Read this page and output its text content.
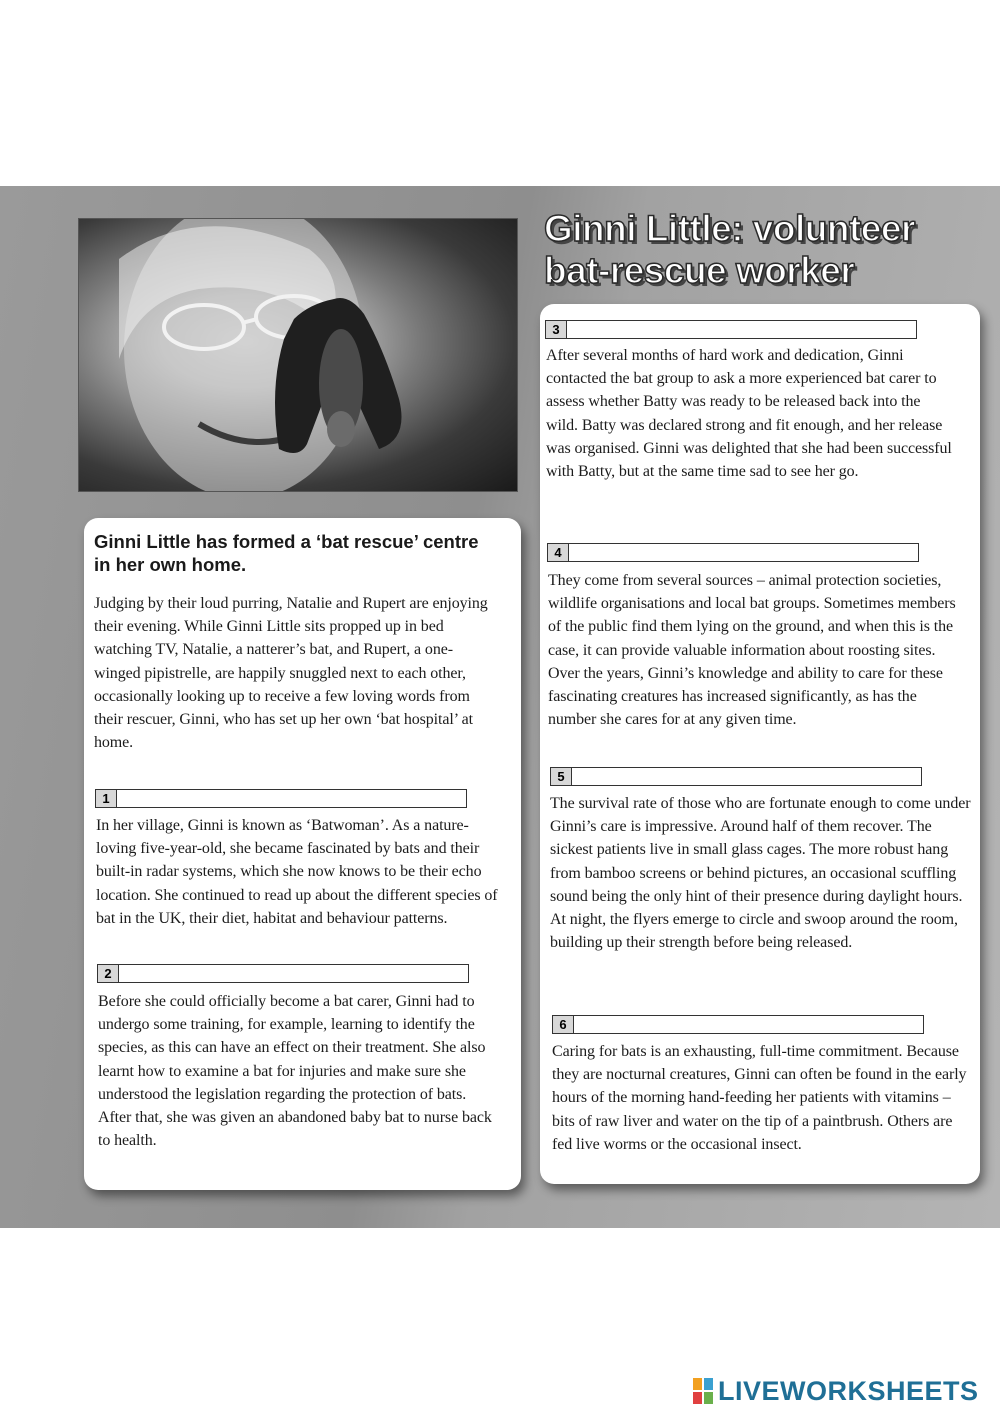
Ginni Little: volunteer bat-rescue worker
Ginni Little has formed a ‘bat rescue’ centre in her own home.

Judging by their loud purring, Natalie and Rupert are enjoying their evening. While Ginni Little sits propped up in bed watching TV, Natalie, a natterer’s bat, and Rupert, a one-winged pipistrelle, are happily snuggled next to each other, occasionally looking up to receive a few loving words from their rescuer, Ginni, who has set up her own ‘bat hospital’ at home.

1

In her village, Ginni is known as ‘Batwoman’. As a nature-loving five-year-old, she became fascinated by bats and their built-in radar systems, which she now knows to be their echo location. She continued to read up about the different species of bat in the UK, their diet, habitat and behaviour patterns.

2

Before she could officially become a bat carer, Ginni had to undergo some training, for example, learning to identify the species, as this can have an effect on their treatment. She also learnt how to examine a bat for injuries and make sure she understood the legislation regarding the protection of bats. After that, she was given an abandoned baby bat to nurse back to health.

3

After several months of hard work and dedication, Ginni contacted the bat group to ask a more experienced bat carer to assess whether Batty was ready to be released back into the wild. Batty was declared strong and fit enough, and her release was organised. Ginni was delighted that she had been successful with Batty, but at the same time sad to see her go.

4

They come from several sources – animal protection societies, wildlife organisations and local bat groups. Sometimes members of the public find them lying on the ground, and when this is the case, it can provide valuable information about roosting sites. Over the years, Ginni’s knowledge and ability to care for these fascinating creatures has increased significantly, as has the number she cares for at any given time.

5

The survival rate of those who are fortunate enough to come under Ginni’s care is impressive. Around half of them recover. The sickest patients live in small glass cages. The more robust hang from bamboo screens or behind pictures, an occasional scuffling sound being the only hint of their presence during daylight hours. At night, the flyers emerge to circle and swoop around the room, building up their strength before being released.

6

Caring for bats is an exhausting, full-time commitment. Because they are nocturnal creatures, Ginni can often be found in the early hours of the morning hand-feeding her patients with vitamins – bits of raw liver and water on the tip of a paintbrush. Others are fed live worms or the occasional insect.

LIVEWORKSHEETS
